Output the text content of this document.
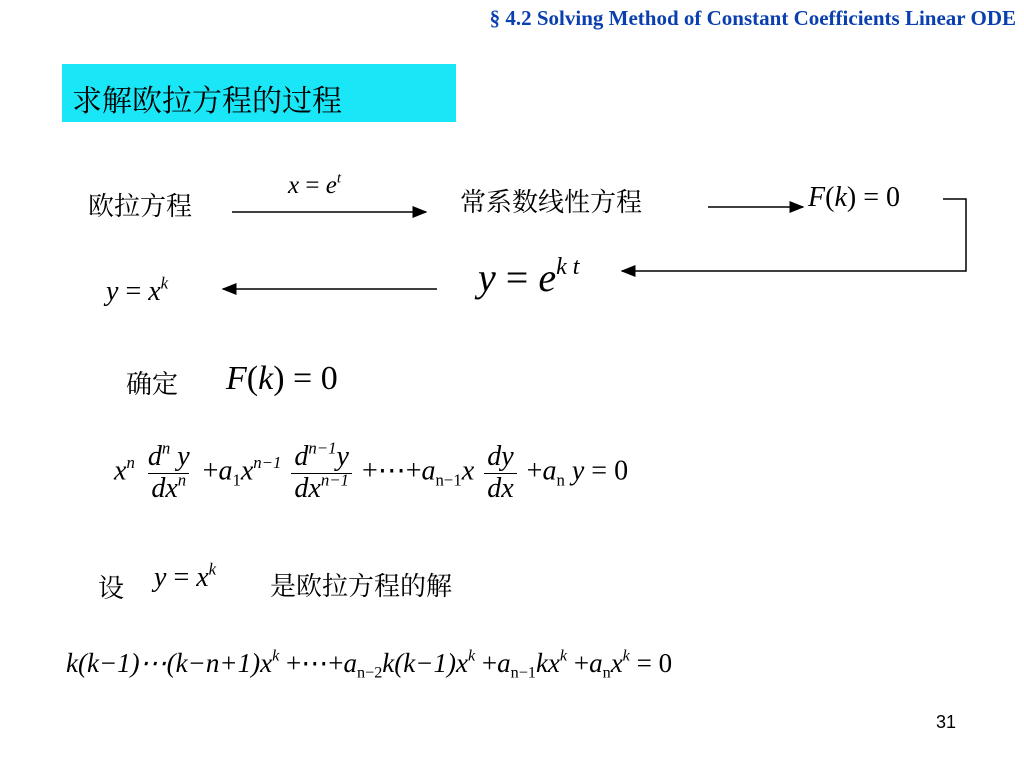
§ 4.2 Solving Method of Constant Coefficients Linear ODE
求解欧拉方程的过程
欧拉方程
$x = e^t$
常系数线性方程	F(k) = 0
$y = e^{k t}$
$y = x^k$
确定 F(k) = 0
$x^n \frac{d^n y}{dx^n} +a_1x^{n-1} \frac{d^{n-1}y}{dx^{n-1}}$ $+\cdots+a_{n-1}x \frac{dy}{dx} +a_n$ y = 0
设 $y = x^k$
是欧拉方程的解
$k(k-1)\cdots(k-n+1)x^k$ $+\cdots+a_{n-2}k(k-1)x^k +a_{n-1}kx^k +a_nx^k = 0$
31
